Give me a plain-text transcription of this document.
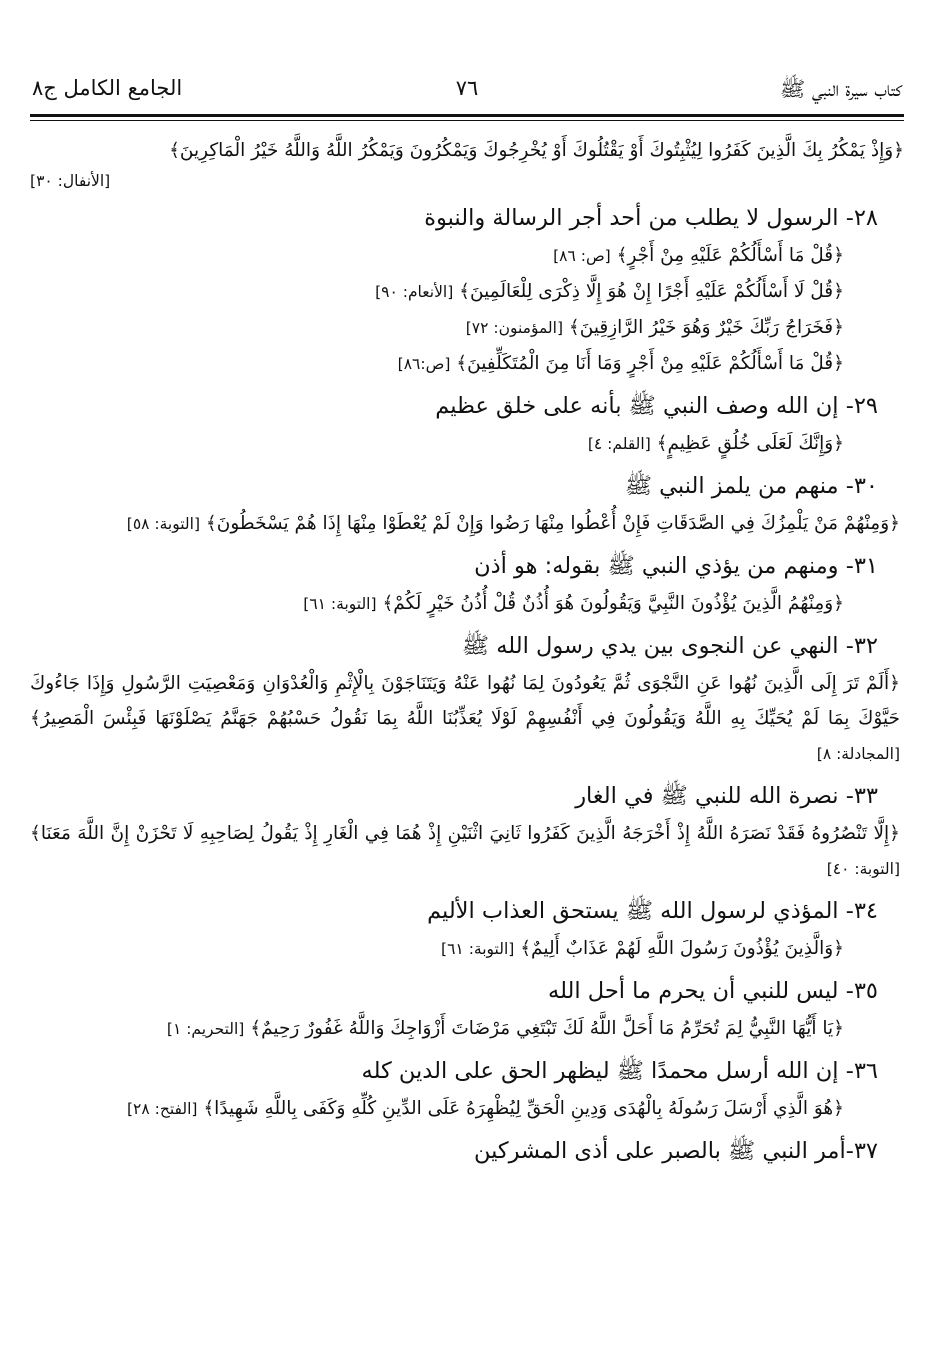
كتاب سيرة النبي ﷺ
٧٦
الجامع الكامل ج٨
﴿وَإِذْ يَمْكُرُ بِكَ الَّذِينَ كَفَرُوا لِيُثْبِتُوكَ أَوْ يَقْتُلُوكَ أَوْ يُخْرِجُوكَ وَيَمْكُرُونَ وَيَمْكُرُ اللَّهُ وَاللَّهُ خَيْرُ الْمَاكِرِينَ﴾
[الأنفال: ٣٠]
٢٨- الرسول لا يطلب من أحد أجر الرسالة والنبوة
﴿قُلْ مَا أَسْأَلُكُمْ عَلَيْهِ مِنْ أَجْرٍ﴾ [ص: ٨٦]
﴿قُلْ لَا أَسْأَلُكُمْ عَلَيْهِ أَجْرًا إِنْ هُوَ إِلَّا ذِكْرَى لِلْعَالَمِينَ﴾ [الأنعام: ٩٠]
﴿فَخَرَاجُ رَبِّكَ خَيْرٌ وَهُوَ خَيْرُ الرَّازِقِينَ﴾ [المؤمنون: ٧٢]
﴿قُلْ مَا أَسْأَلُكُمْ عَلَيْهِ مِنْ أَجْرٍ وَمَا أَنَا مِنَ الْمُتَكَلِّفِينَ﴾ [ص:٨٦]
٢٩- إن الله وصف النبي ﷺ بأنه على خلق عظيم
﴿وَإِنَّكَ لَعَلَى خُلُقٍ عَظِيمٍ﴾ [القلم: ٤]
٣٠- منهم من يلمز النبي ﷺ
﴿وَمِنْهُمْ مَنْ يَلْمِزُكَ فِي الصَّدَقَاتِ فَإِنْ أُعْطُوا مِنْهَا رَضُوا وَإِنْ لَمْ يُعْطَوْا مِنْهَا إِذَا هُمْ يَسْخَطُونَ﴾ [التوبة: ٥٨]
٣١- ومنهم من يؤذي النبي ﷺ بقوله: هو أذن
﴿وَمِنْهُمُ الَّذِينَ يُؤْذُونَ النَّبِيَّ وَيَقُولُونَ هُوَ أُذُنٌ قُلْ أُذُنُ خَيْرٍ لَكُمْ﴾ [التوبة: ٦١]
٣٢- النهي عن النجوى بين يدي رسول الله ﷺ
﴿أَلَمْ تَرَ إِلَى الَّذِينَ نُهُوا عَنِ النَّجْوَى ثُمَّ يَعُودُونَ لِمَا نُهُوا عَنْهُ وَيَتَنَاجَوْنَ بِالْإِثْمِ وَالْعُدْوَانِ وَمَعْصِيَتِ الرَّسُولِ وَإِذَا جَاءُوكَ حَيَّوْكَ بِمَا لَمْ يُحَيِّكَ بِهِ اللَّهُ وَيَقُولُونَ فِي أَنْفُسِهِمْ لَوْلَا يُعَذِّبُنَا اللَّهُ بِمَا نَقُولُ حَسْبُهُمْ جَهَنَّمُ يَصْلَوْنَهَا فَبِئْسَ الْمَصِيرُ﴾ [المجادلة: ٨]
٣٣- نصرة الله للنبي ﷺ في الغار
﴿إِلَّا تَنْصُرُوهُ فَقَدْ نَصَرَهُ اللَّهُ إِذْ أَخْرَجَهُ الَّذِينَ كَفَرُوا ثَانِيَ اثْنَيْنِ إِذْ هُمَا فِي الْغَارِ إِذْ يَقُولُ لِصَاحِبِهِ لَا تَحْزَنْ إِنَّ اللَّهَ مَعَنَا﴾ [التوبة: ٤٠]
٣٤- المؤذي لرسول الله ﷺ يستحق العذاب الأليم
﴿وَالَّذِينَ يُؤْذُونَ رَسُولَ اللَّهِ لَهُمْ عَذَابٌ أَلِيمٌ﴾ [التوبة: ٦١]
٣٥- ليس للنبي أن يحرم ما أحل الله
﴿يَا أَيُّهَا النَّبِيُّ لِمَ تُحَرِّمُ مَا أَحَلَّ اللَّهُ لَكَ تَبْتَغِي مَرْضَاتَ أَزْوَاجِكَ وَاللَّهُ غَفُورٌ رَحِيمٌ﴾ [التحريم: ١]
٣٦- إن الله أرسل محمدًا ﷺ ليظهر الحق على الدين كله
﴿هُوَ الَّذِي أَرْسَلَ رَسُولَهُ بِالْهُدَى وَدِينِ الْحَقِّ لِيُظْهِرَهُ عَلَى الدِّينِ كُلِّهِ وَكَفَى بِاللَّهِ شَهِيدًا﴾ [الفتح: ٢٨]
٣٧-أمر النبي ﷺ بالصبر على أذى المشركين
